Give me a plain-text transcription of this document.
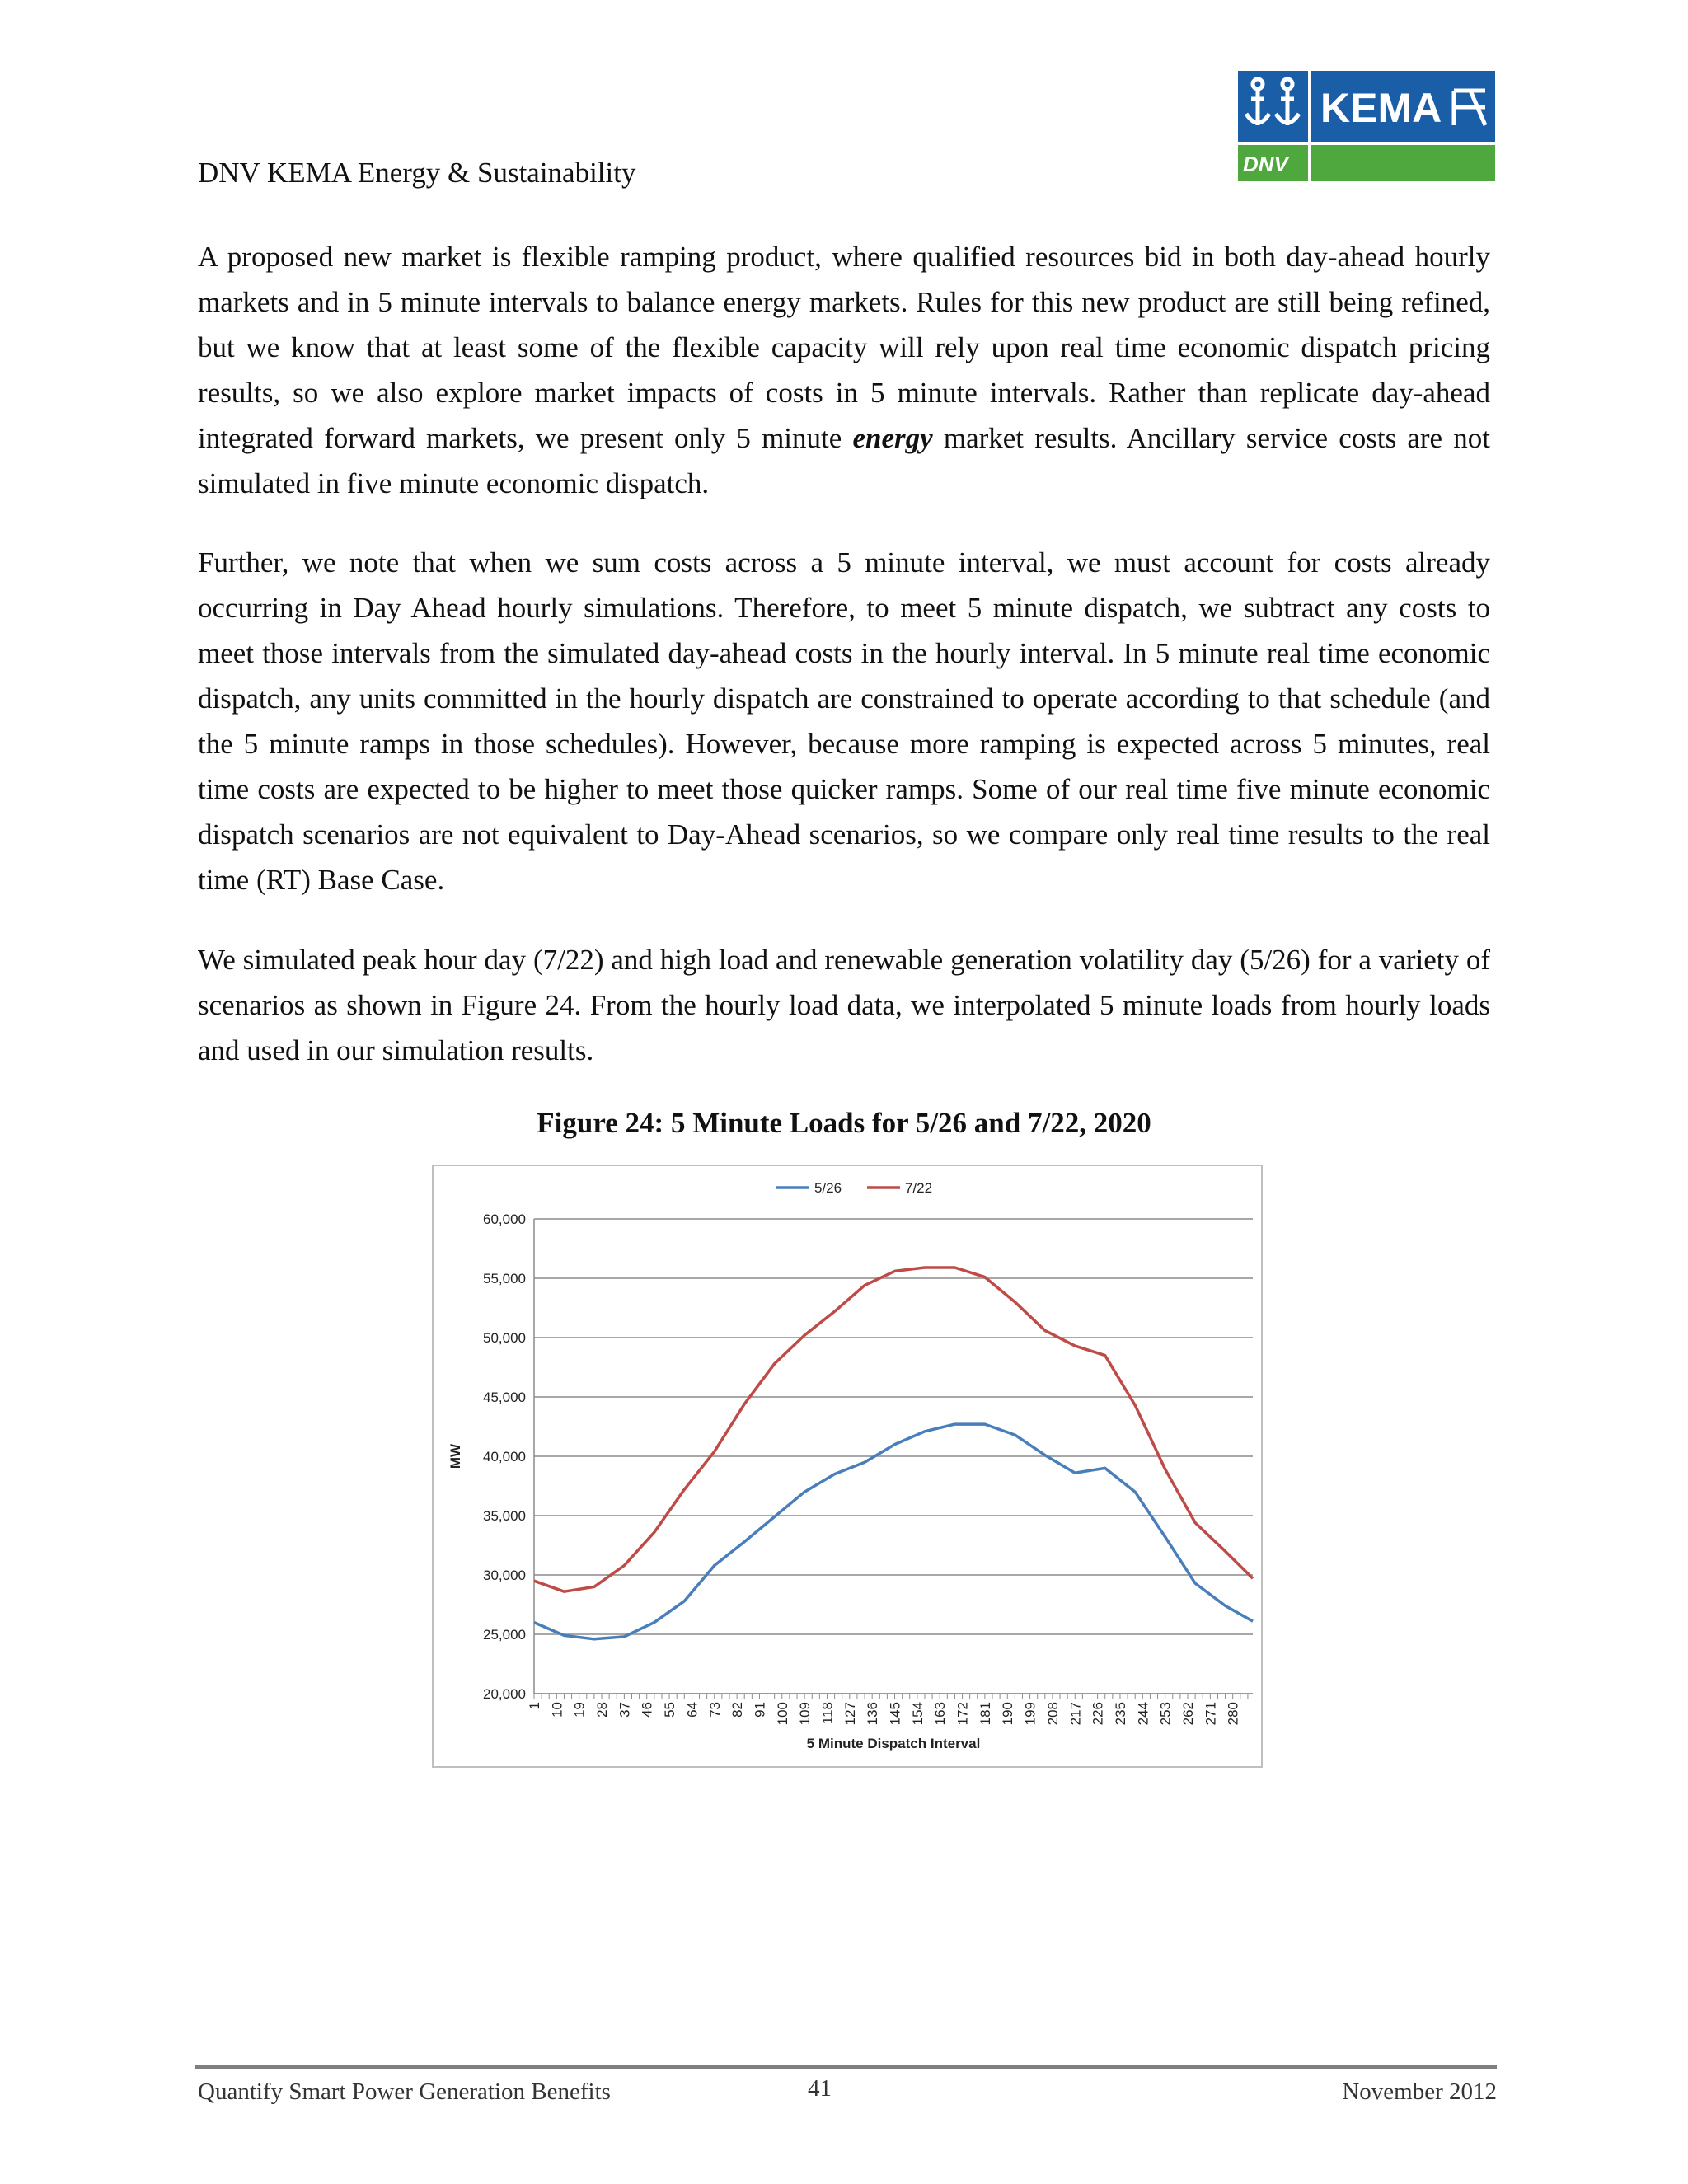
KEMA
DNV
DNV KEMA Energy & Sustainability

A proposed new market is flexible ramping product, where qualified resources bid in both day-ahead hourly markets and in 5 minute intervals to balance energy markets. Rules for this new product are still being refined, but we know that at least some of the flexible capacity will rely upon real time economic dispatch pricing results, so we also explore market impacts of costs in 5 minute intervals. Rather than replicate day-ahead integrated forward markets, we present only 5 minute energy market results. Ancillary service costs are not simulated in five minute economic dispatch.

Further, we note that when we sum costs across a 5 minute interval, we must account for costs already occurring in Day Ahead hourly simulations. Therefore, to meet 5 minute dispatch, we subtract any costs to meet those intervals from the simulated day-ahead costs in the hourly interval. In 5 minute real time economic dispatch, any units committed in the hourly dispatch are constrained to operate according to that schedule (and the 5 minute ramps in those schedules). However, because more ramping is expected across 5 minutes, real time costs are expected to be higher to meet those quicker ramps. Some of our real time five minute economic dispatch scenarios are not equivalent to Day-Ahead scenarios, so we compare only real time results to the real time (RT) Base Case.

We simulated peak hour day (7/22) and high load and renewable generation volatility day (5/26) for a variety of scenarios as shown in Figure 24. From the hourly load data, we interpolated 5 minute loads from hourly loads and used in our simulation results.

Figure 24: 5 Minute Loads for 5/26 and 7/22, 2020
20,000
25,000
30,000
35,000
40,000
45,000
50,000
55,000
60,000
1 10 19 28 37 46 55 64 73 82 91 100 109 118 127 136 145 154 163 172 181 190 199 208 217 226 235 244 253 262 271 280
5 Minute Dispatch Interval
MW
5/26	7/22
Quantify Smart Power Generation Benefits	41	November 2012
